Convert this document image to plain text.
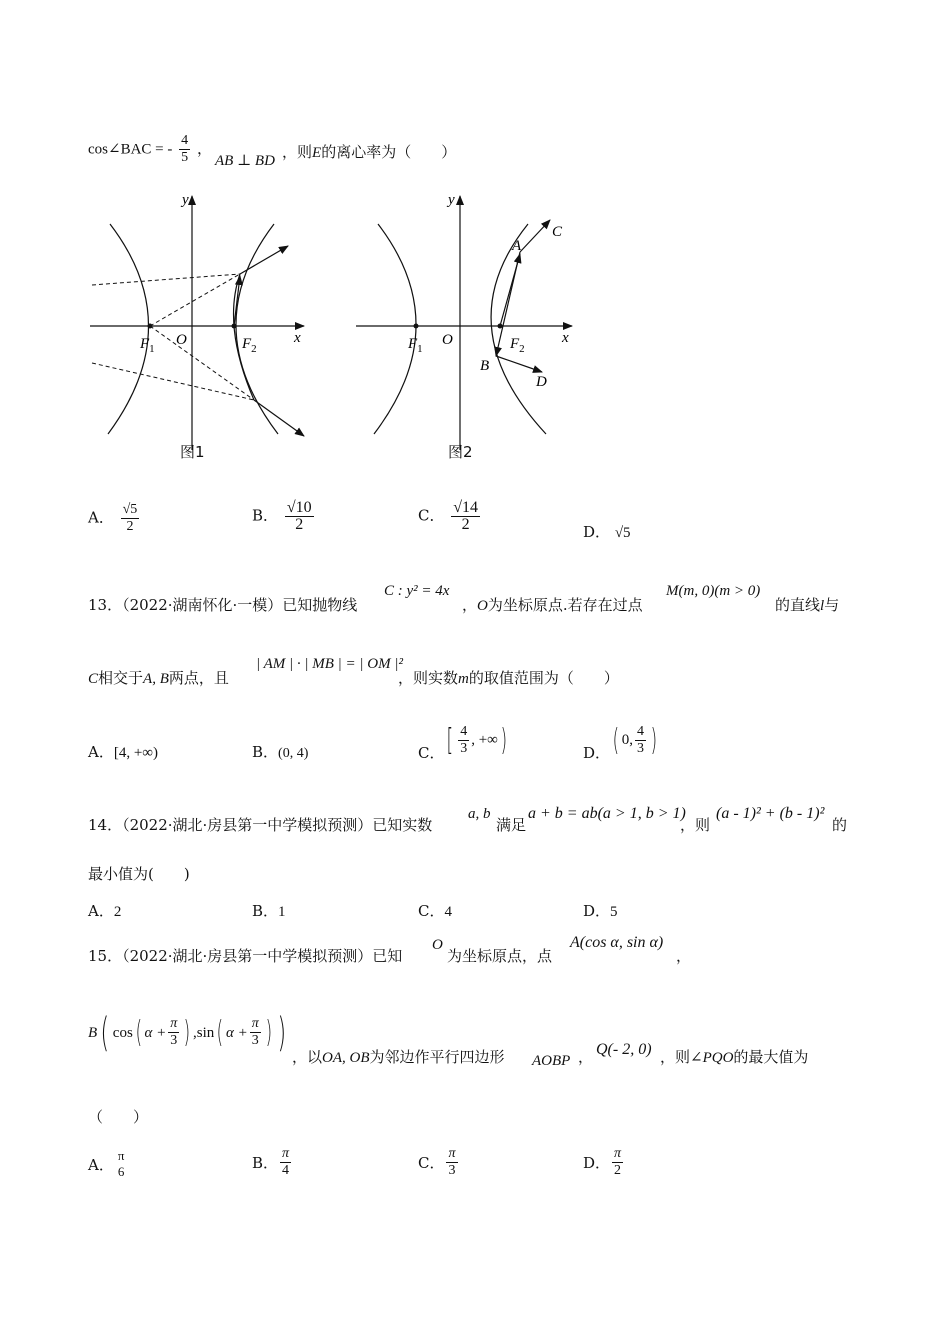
cos∠BAC = - $\frac{4}{5}$ ，
AB ⊥ BD ，则E的离心率为（　　）
y
x
O
$F_1$	$F_2$
图1
y
x
O
$F_1$	$F_2$
A
C
B
D
图2
A． $\frac{√5}{2}$	B． $\frac{√10}{2}$	C． $\frac{√14}{2}$	D． √5
13．（2022·湖南怀化·一模）已知抛物线
C : y² = 4x
，O为坐标原点.若存在过点
M(m, 0)(m > 0)
的直线l与
C相交于A, B两点，且
| AM | · | MB | = | OM |²
，则实数m的取值范围为（　　）
A．[4, +∞)	B．(0, 4)	C． [ $\frac{4}{3}$ , +∞ )	D． ( 0, $\frac{4}{3}$ )
14．（2022·湖北·房县第一中学模拟预测）已知实数
a, b
满足
a + b = ab(a > 1, b > 1)
，则
(a - 1)² + (b - 1)²
的
最小值为(　　)
A．2	B．1	C．4	D．5
15．（2022·湖北·房县第一中学模拟预测）已知
O
为坐标原点，点
A(cos α, sin α)
，
B ( cos ( $\alpha + \frac{\pi}{3}$ ) ,sin ( $\alpha + \frac{\pi}{3}$ ) )
，以OA, OB为邻边作平行四边形 AOBP ， Q(- 2, 0) ，则∠PQO的最大值为
（　　）
A． π
6	B． $\frac{\pi}{4}$	C． $\frac{\pi}{3}$	D． $\frac{\pi}{2}$
